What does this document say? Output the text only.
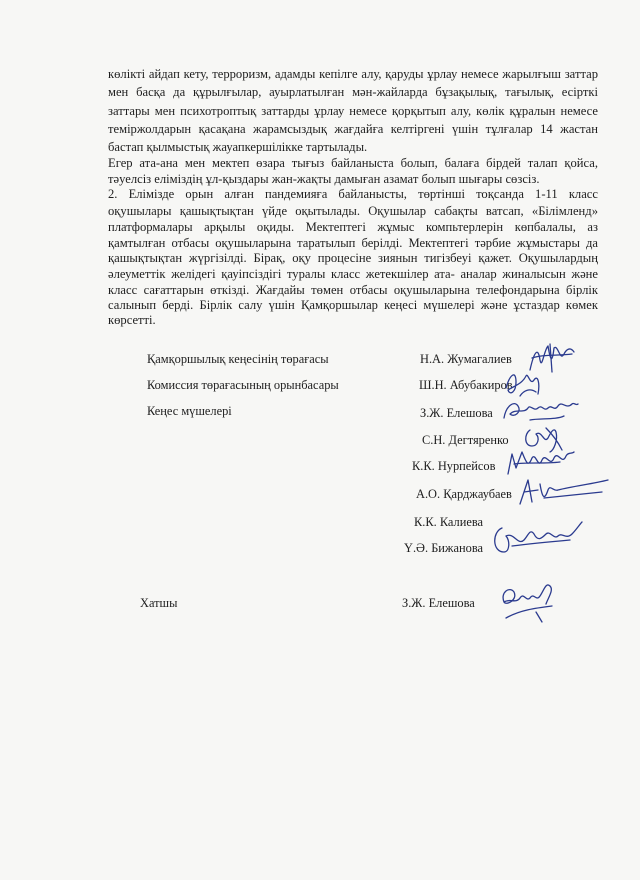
көлікті айдап кету, терроризм, адамды кепілге алу, қаруды ұрлау немесе жарылғыш заттар
мен басқа да құрылғылар, ауырлатылған мән-жайларда бұзақылық, тағылық, есірткі
заттары мен психотроптық заттарды ұрлау немесе қорқытып алу, көлік құралын немесе
теміржолдарын қасақана жарамсыздық жағдайға келтіргені үшін тұлғалар 14 жастан
бастап қылмыстық жауапкершілікке тартылады.
Егер ата-ана мен мектеп өзара тығыз байланыста болып, балаға бірдей талап қойса,
тәуелсіз еліміздің ұл-қыздары жан-жақты дамыған азамат болып шығары сөзсіз.
2. Елімізде орын алған пандемияға байланысты, төртінші тоқсанда 1-11 класс
оқушылары қашықтықтан үйде оқытылады. Оқушылар сабақты ватсап, «Білімленд»
платформалары арқылы оқиды. Мектептегі жұмыс компьтерлерін көпбалалы, аз
қамтылған отбасы оқушыларына таратылып берілді. Мектептегі тәрбие жұмыстары да
қашықтықтан жүргізілді. Бірақ, оқу процесіне зиянын тигізбеуі қажет. Оқушылардың
әлеуметтік желідегі қауіпсіздігі туралы класс жетекшілер ата- аналар жиналысын және
класс сағаттарын өткізді. Жағдайы төмен отбасы оқушыларына телефондарына бірлік
салынып берді. Бірлік салу үшін Қамқоршылар кеңесі мүшелері және ұстаздар көмек
көрсетті.
Қамқоршылық кеңесінің төрағасы	Н.А. Жумагалиев
Комиссия төрағасының орынбасары	Ш.Н. Абубакиров
Кеңес мүшелері	З.Ж. Елешова
С.Н. Дегтяренко
К.К. Нурпейсов
А.О. Қарджаубаев
К.К. Калиева
Ү.Ә. Бижанова
Хатшы	З.Ж. Елешова
